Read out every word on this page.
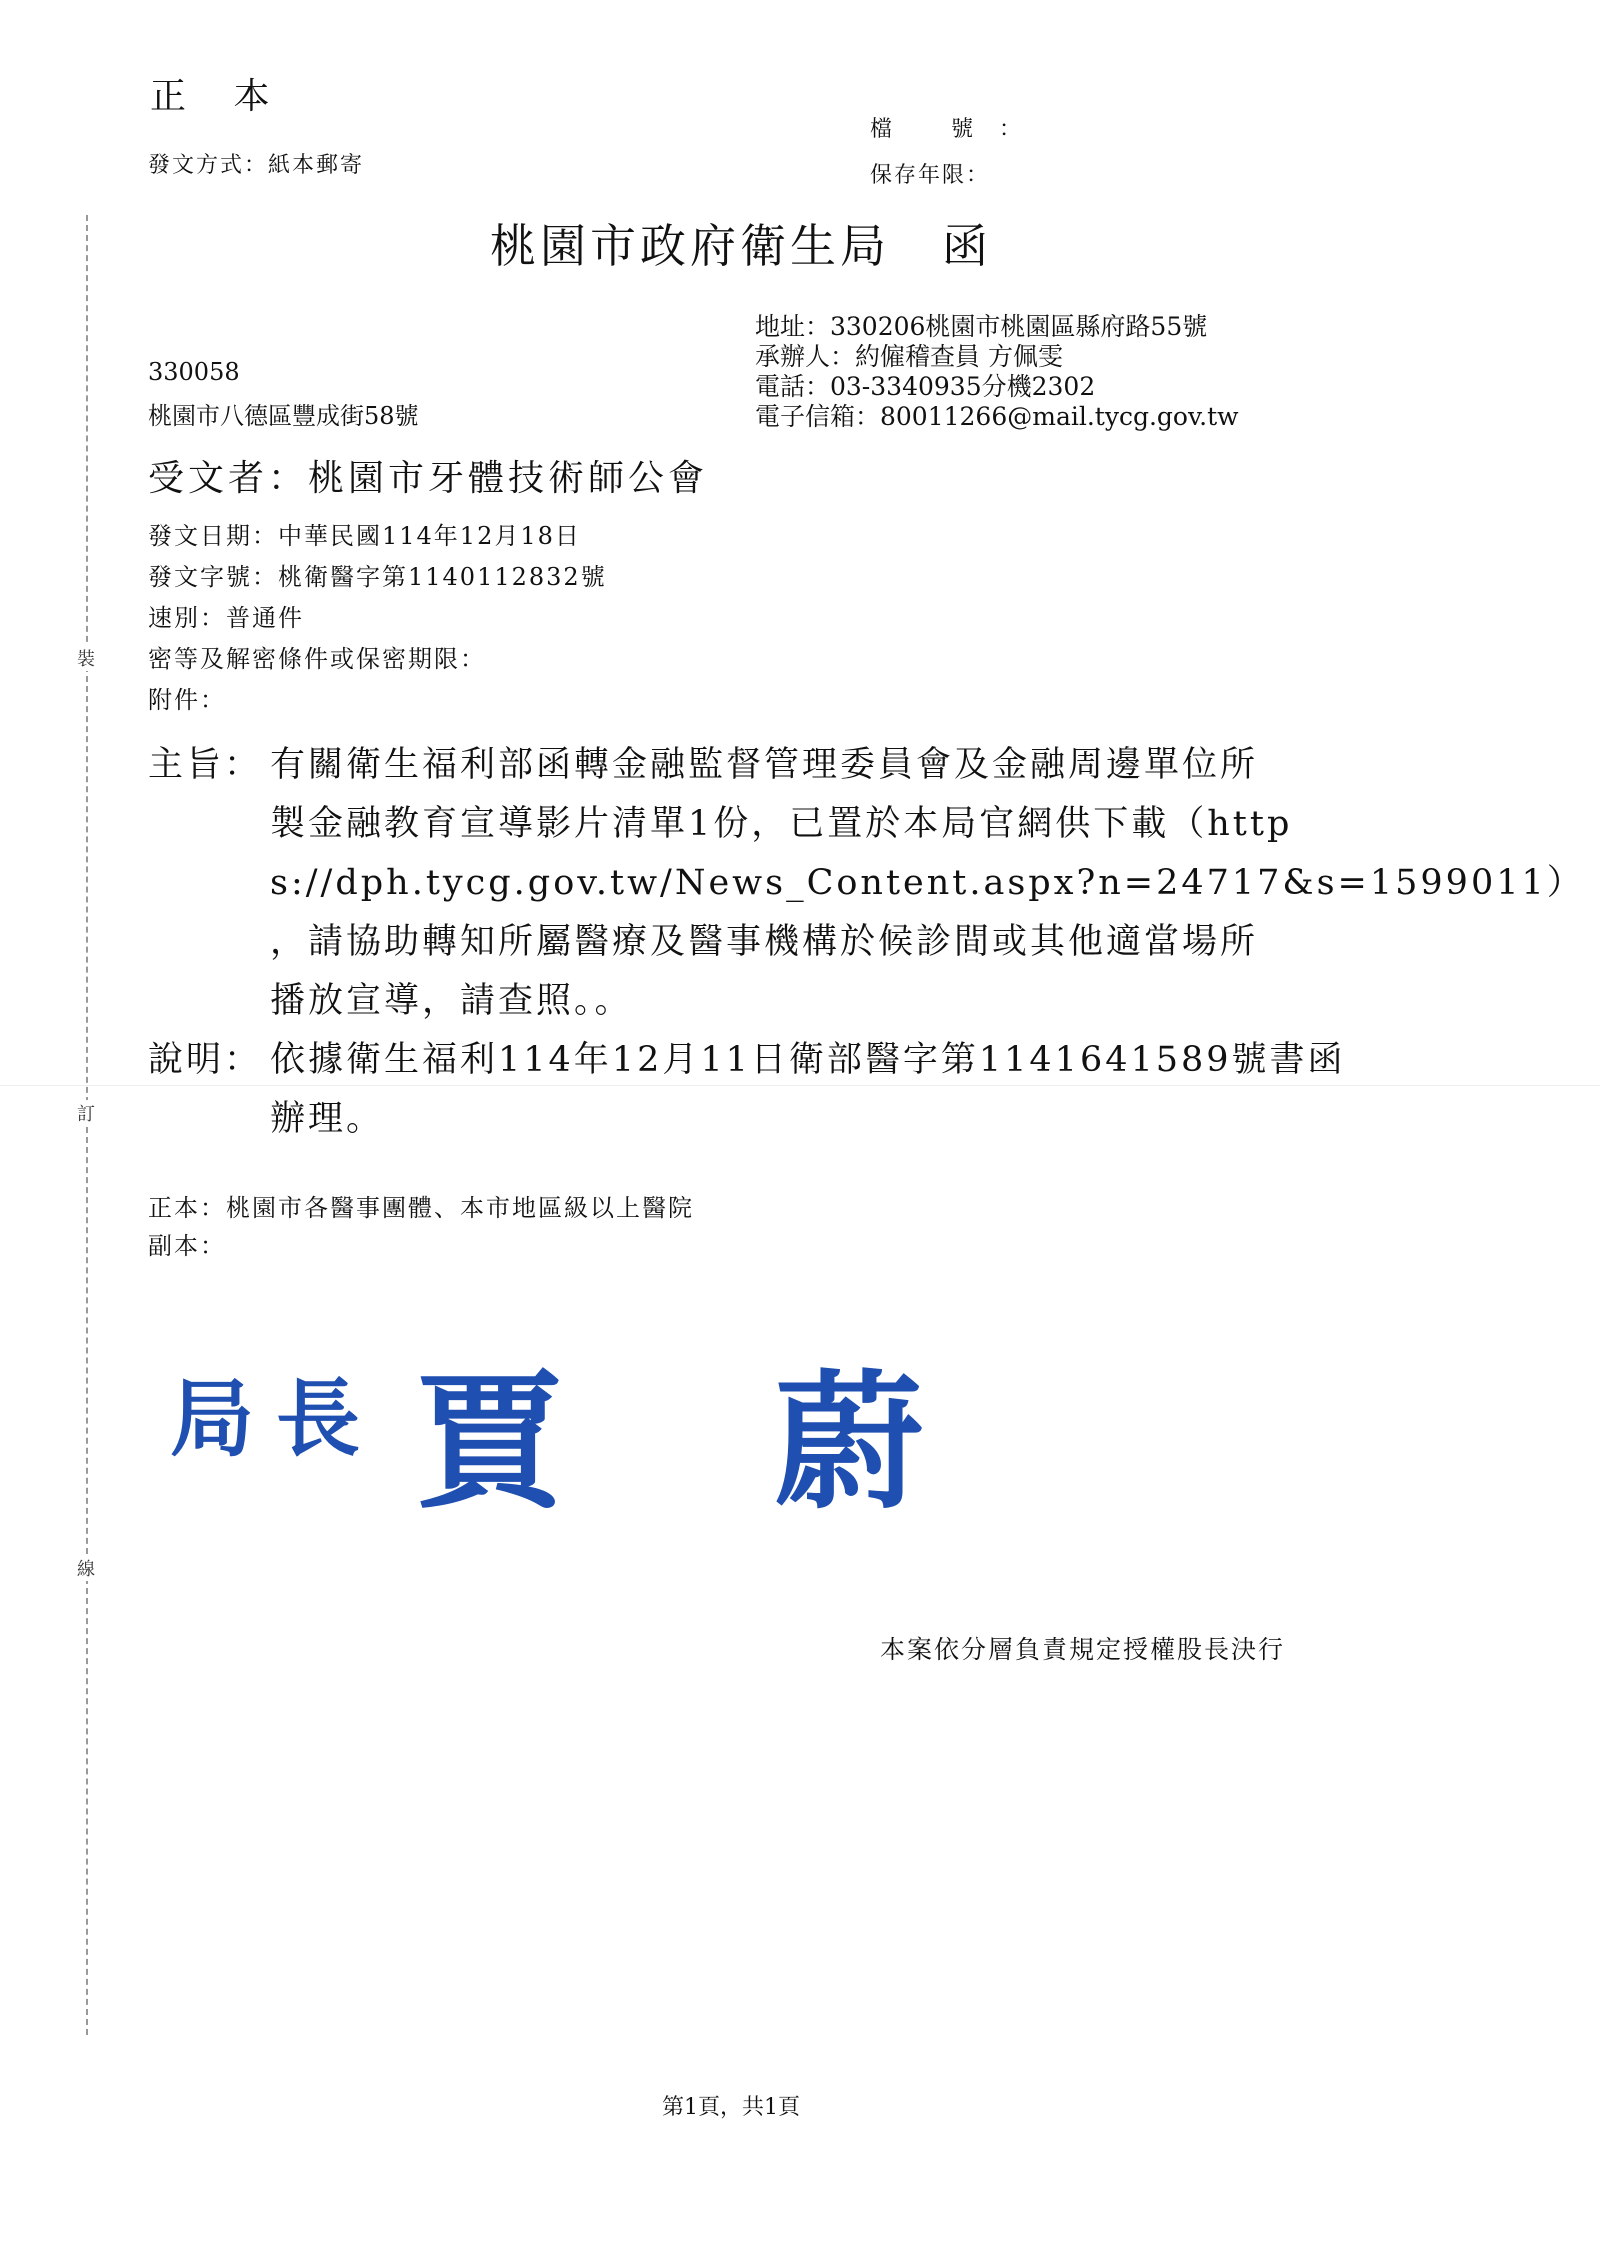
正 本
發文方式：紙本郵寄
檔 號：
保存年限：
桃園市政府衛生局 函
地址：330206桃園市桃園區縣府路55號
承辦人：約僱稽查員 方佩雯
電話：03-3340935分機2302
電子信箱：80011266@mail.tycg.gov.tw
330058
桃園市八德區豐成街58號
受文者：桃園市牙體技術師公會
發文日期：中華民國114年12月18日
發文字號：桃衛醫字第1140112832號
速別：普通件
密等及解密條件或保密期限：
附件：
主旨： 有關衛生福利部函轉金融監督管理委員會及金融周邊單位所
製金融教育宣導影片清單1份，已置於本局官網供下載（http
s://dph.tycg.gov.tw/News_Content.aspx?n=24717&s=1599011）
，請協助轉知所屬醫療及醫事機構於候診間或其他適當場所
播放宣導，請查照。。
說明： 依據衛生福利114年12月11日衛部醫字第1141641589號書函
辦理。
正本：桃園市各醫事團體、本市地區級以上醫院
副本：
局長 賈 蔚
本案依分層負責規定授權股長決行
第1頁，共1頁
裝
訂
線
